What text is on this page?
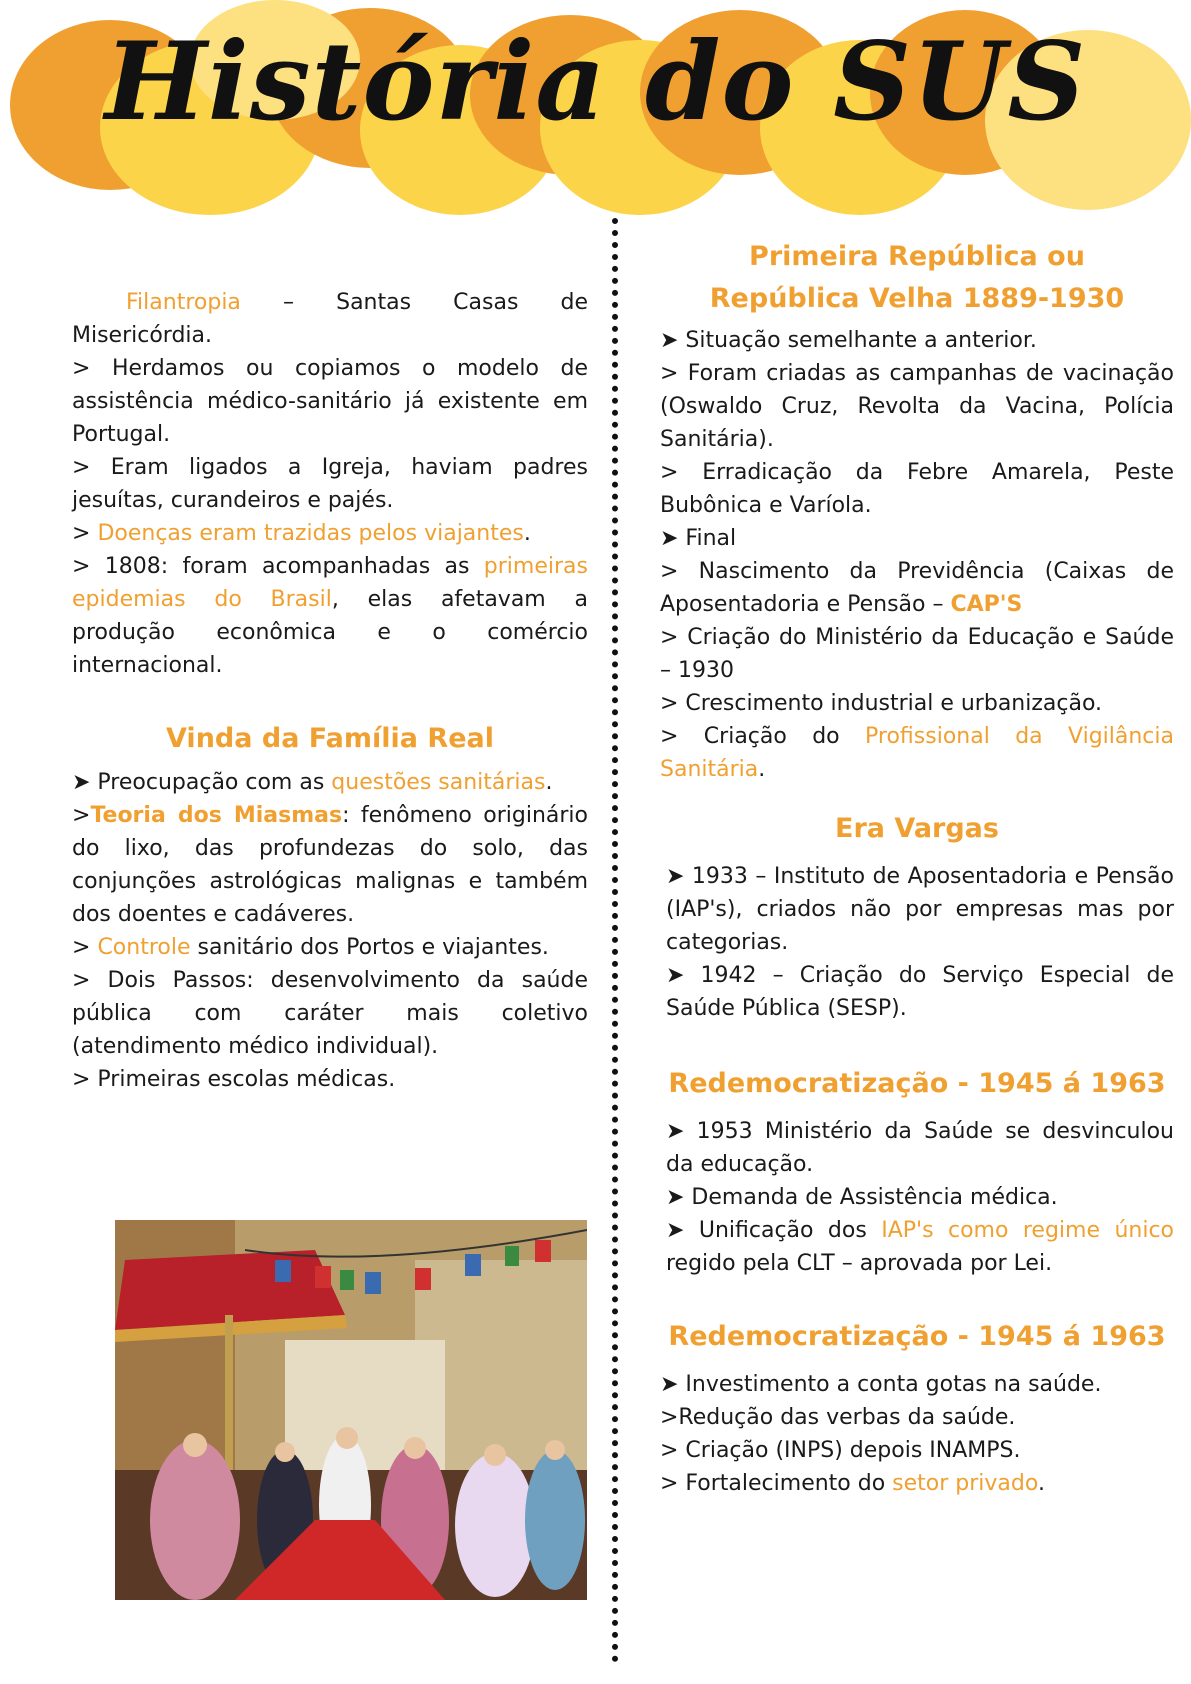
História do SUS

Filantropia – Santas Casas de Misericórdia.

> Herdamos ou copiamos o modelo de assistência médico-sanitário já existente em Portugal.

> Eram ligados a Igreja, haviam padres jesuítas, curandeiros e pajés.

> Doenças eram trazidas pelos viajantes.

> 1808: foram acompanhadas as primeiras epidemias do Brasil, elas afetavam a produção econômica e o comércio internacional.

Vinda da Família Real

➤ Preocupação com as questões sanitárias.

>Teoria dos Miasmas: fenômeno originário do lixo, das profundezas do solo, das conjunções astrológicas malignas e também dos doentes e cadáveres.

> Controle sanitário dos Portos e viajantes.

> Dois Passos: desenvolvimento da saúde pública com caráter mais coletivo (atendimento médico individual).

> Primeiras escolas médicas.

Primeira República ou República Velha 1889-1930

➤ Situação semelhante a anterior.

> Foram criadas as campanhas de vacinação (Oswaldo Cruz, Revolta da Vacina, Polícia Sanitária).

> Erradicação da Febre Amarela, Peste Bubônica e Varíola.

➤ Final

> Nascimento da Previdência (Caixas de Aposentadoria e Pensão – CAP'S

> Criação do Ministério da Educação e Saúde – 1930

> Crescimento industrial e urbanização.

> Criação do Profissional da Vigilância Sanitária.

Era Vargas

➤ 1933 – Instituto de Aposentadoria e Pensão (IAP's), criados não por empresas mas por categorias.

➤ 1942 – Criação do Serviço Especial de Saúde Pública (SESP).

Redemocratização - 1945 á 1963

➤ 1953 Ministério da Saúde se desvinculou da educação.

➤ Demanda de Assistência médica.

➤ Unificação dos IAP's como regime único regido pela CLT – aprovada por Lei.

Redemocratização - 1945 á 1963

➤ Investimento a conta gotas na saúde.

>Redução das verbas da saúde.

> Criação (INPS) depois INAMPS.

> Fortalecimento do setor privado.
